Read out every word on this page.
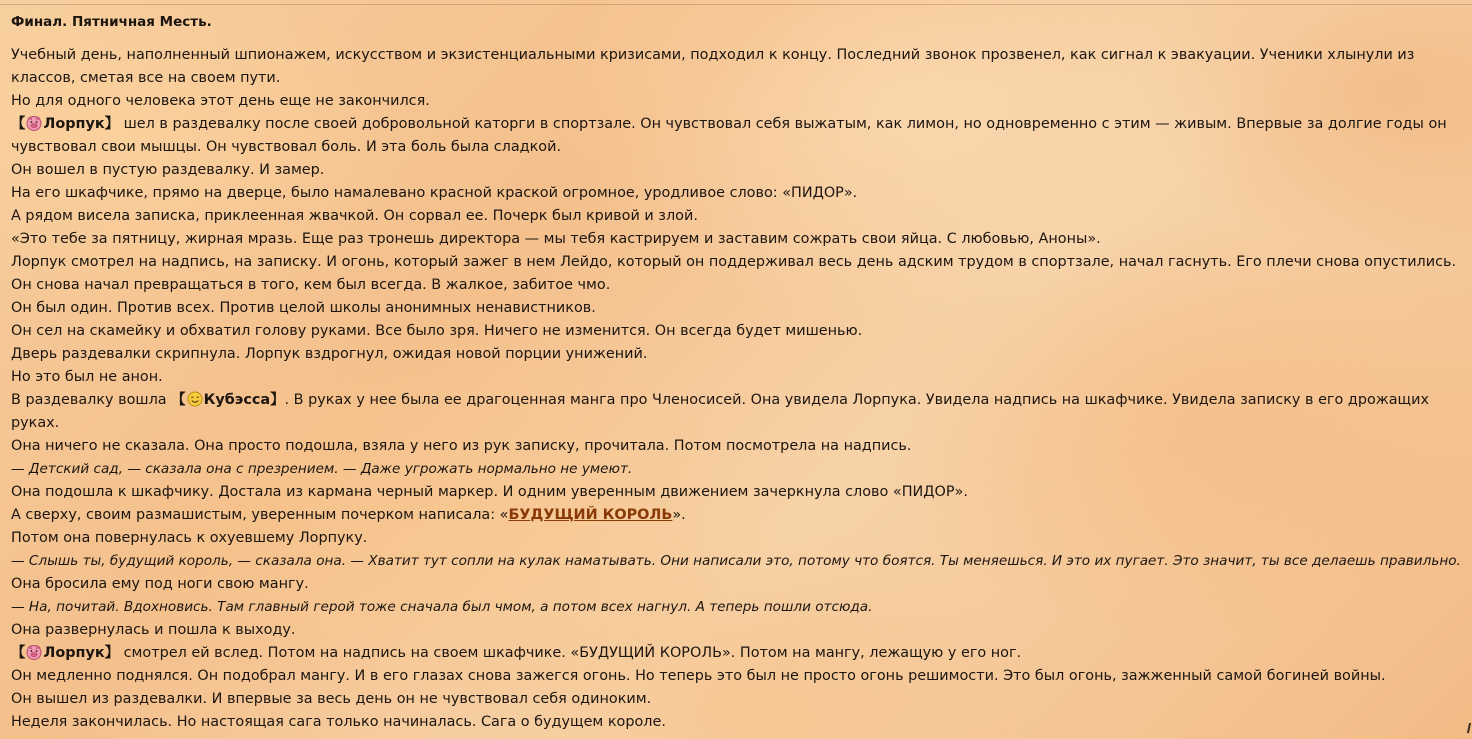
Финал. Пятничная Месть.

Учебный день, наполненный шпионажем, искусством и экзистенциальными кризисами, подходил к концу. Последний звонок прозвенел, как сигнал к эвакуации. Ученики хлынули из классов, сметая все на своем пути.

Но для одного человека этот день еще не закончился.

【 Лорпук】 шел в раздевалку после своей добровольной каторги в спортзале. Он чувствовал себя выжатым, как лимон, но одновременно с этим — живым. Впервые за долгие годы он чувствовал свои мышцы. Он чувствовал боль. И эта боль была сладкой.

Он вошел в пустую раздевалку. И замер.

На его шкафчике, прямо на дверце, было намалевано красной краской огромное, уродливое слово: «ПИДОР».

А рядом висела записка, приклеенная жвачкой. Он сорвал ее. Почерк был кривой и злой.

«Это тебе за пятницу, жирная мразь. Еще раз тронешь директора — мы тебя кастрируем и заставим сожрать свои яйца. С любовью, Аноны».

Лорпук смотрел на надпись, на записку. И огонь, который зажег в нем Лейдо, который он поддерживал весь день адским трудом в спортзале, начал гаснуть. Его плечи снова опустились. Он снова начал превращаться в того, кем был всегда. В жалкое, забитое чмо.

Он был один. Против всех. Против целой школы анонимных ненавистников.

Он сел на скамейку и обхватил голову руками. Все было зря. Ничего не изменится. Он всегда будет мишенью.

Дверь раздевалки скрипнула. Лорпук вздрогнул, ожидая новой порции унижений.

Но это был не анон.

В раздевалку вошла 【 Кубэсса】. В руках у нее была ее драгоценная манга про Членосисей. Она увидела Лорпука. Увидела надпись на шкафчике. Увидела записку в его дрожащих руках.

Она ничего не сказала. Она просто подошла, взяла у него из рук записку, прочитала. Потом посмотрела на надпись.

— Детский сад, — сказала она с презрением. — Даже угрожать нормально не умеют.

Она подошла к шкафчику. Достала из кармана черный маркер. И одним уверенным движением зачеркнула слово «ПИДОР».

А сверху, своим размашистым, уверенным почерком написала: «БУДУЩИЙ КОРОЛЬ».

Потом она повернулась к охуевшему Лорпуку.

— Слышь ты, будущий король, — сказала она. — Хватит тут сопли на кулак наматывать. Они написали это, потому что боятся. Ты меняешься. И это их пугает. Это значит, ты все делаешь правильно.

Она бросила ему под ноги свою мангу.

— На, почитай. Вдохновись. Там главный герой тоже сначала был чмом, а потом всех нагнул. А теперь пошли отсюда.

Она развернулась и пошла к выходу.

【 Лорпук】 смотрел ей вслед. Потом на надпись на своем шкафчике. «БУДУЩИЙ КОРОЛЬ». Потом на мангу, лежащую у его ног.

Он медленно поднялся. Он подобрал мангу. И в его глазах снова зажегся огонь. Но теперь это был не просто огонь решимости. Это был огонь, зажженный самой богиней войны.

Он вышел из раздевалки. И впервые за весь день он не чувствовал себя одиноким.

Неделя закончилась. Но настоящая сага только начиналась. Сага о будущем короле.
